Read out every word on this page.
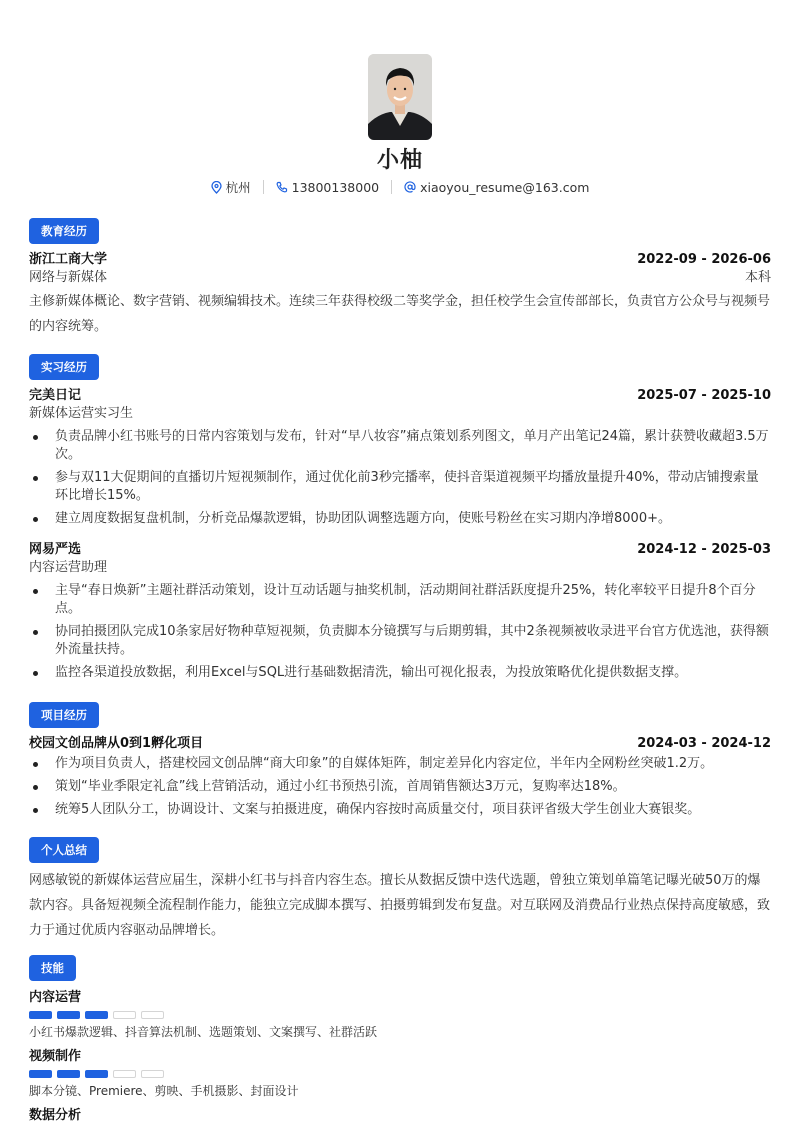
小柚
杭州	13800138000	xiaoyou_resume@163.com
教育经历
浙江工商大学	2022-09 - 2026-06
网络与新媒体	本科
主修新媒体概论、数字营销、视频编辑技术。连续三年获得校级二等奖学金，担任校学生会宣传部部长，负责官方公众号与视频号的内容统筹。
实习经历
完美日记	2025-07 - 2025-10
新媒体运营实习生
负责品牌小红书账号的日常内容策划与发布，针对“早八妆容”痛点策划系列图文，单月产出笔记24篇，累计获赞收藏超3.5万次。
参与双11大促期间的直播切片短视频制作，通过优化前3秒完播率，使抖音渠道视频平均播放量提升40%，带动店铺搜索量环比增长15%。
建立周度数据复盘机制，分析竞品爆款逻辑，协助团队调整选题方向，使账号粉丝在实习期内净增8000+。
网易严选	2024-12 - 2025-03
内容运营助理
主导“春日焕新”主题社群活动策划，设计互动话题与抽奖机制，活动期间社群活跃度提升25%，转化率较平日提升8个百分点。
协同拍摄团队完成10条家居好物种草短视频，负责脚本分镜撰写与后期剪辑，其中2条视频被收录进平台官方优选池，获得额外流量扶持。
监控各渠道投放数据，利用Excel与SQL进行基础数据清洗，输出可视化报表，为投放策略优化提供数据支撑。
项目经历
校园文创品牌从0到1孵化项目	2024-03 - 2024-12
作为项目负责人，搭建校园文创品牌“商大印象”的自媒体矩阵，制定差异化内容定位，半年内全网粉丝突破1.2万。
策划“毕业季限定礼盒”线上营销活动，通过小红书预热引流，首周销售额达3万元，复购率达18%。
统筹5人团队分工，协调设计、文案与拍摄进度，确保内容按时高质量交付，项目获评省级大学生创业大赛银奖。
个人总结
网感敏锐的新媒体运营应届生，深耕小红书与抖音内容生态。擅长从数据反馈中迭代选题，曾独立策划单篇笔记曝光破50万的爆款内容。具备短视频全流程制作能力，能独立完成脚本撰写、拍摄剪辑到发布复盘。对互联网及消费品行业热点保持高度敏感，致力于通过优质内容驱动品牌增长。
技能
内容运营
小红书爆款逻辑、抖音算法机制、选题策划、文案撰写、社群活跃
视频制作
脚本分镜、Premiere、剪映、手机摄影、封面设计
数据分析
